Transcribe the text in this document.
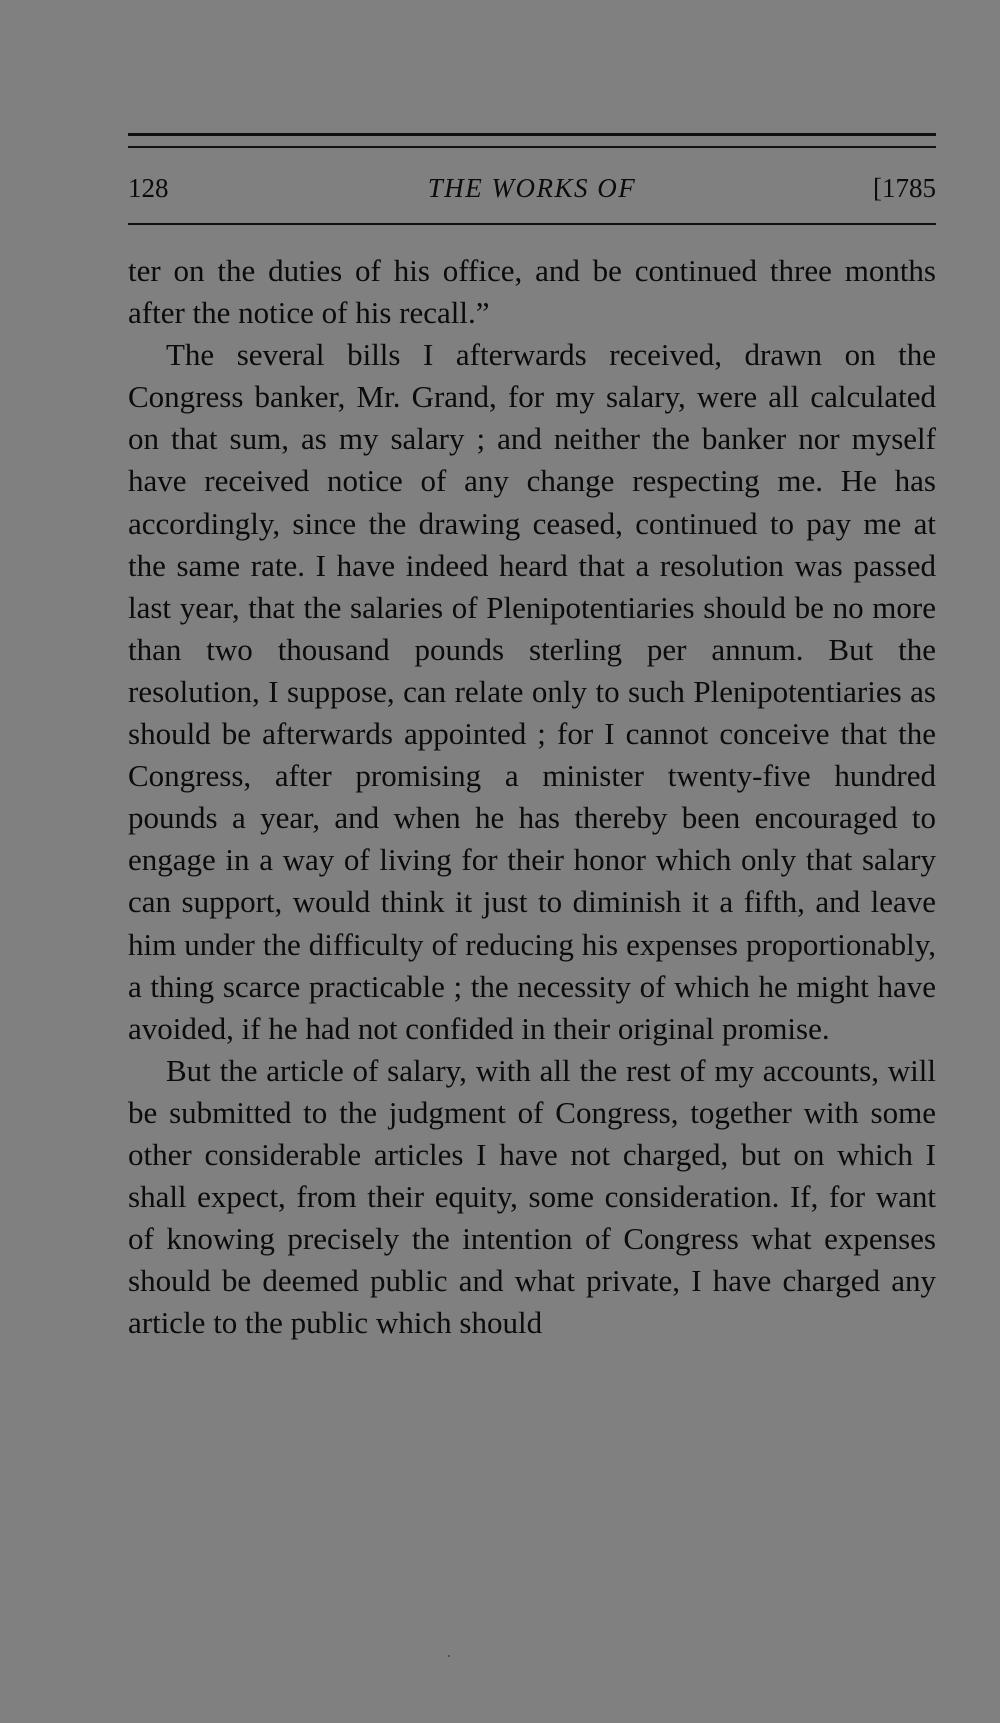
128	THE WORKS OF	[1785

ter on the duties of his office, and be continued three months after the notice of his recall.”

The several bills I afterwards received, drawn on the Congress banker, Mr. Grand, for my salary, were all calculated on that sum, as my salary ; and neither the banker nor myself have received notice of any change respecting me. He has accordingly, since the drawing ceased, continued to pay me at the same rate. I have indeed heard that a resolution was passed last year, that the salaries of Plenipotentiaries should be no more than two thousand pounds sterling per annum. But the resolution, I suppose, can relate only to such Plenipotentiaries as should be afterwards appointed ; for I cannot conceive that the Congress, after promising a minister twenty-five hundred pounds a year, and when he has thereby been encouraged to engage in a way of living for their honor which only that salary can support, would think it just to diminish it a fifth, and leave him under the difficulty of reducing his expenses proportionably, a thing scarce practicable ; the necessity of which he might have avoided, if he had not confided in their original promise.

But the article of salary, with all the rest of my accounts, will be submitted to the judgment of Congress, together with some other considerable articles I have not charged, but on which I shall expect, from their equity, some consideration. If, for want of knowing precisely the intention of Congress what expenses should be deemed public and what private, I have charged any article to the public which should
